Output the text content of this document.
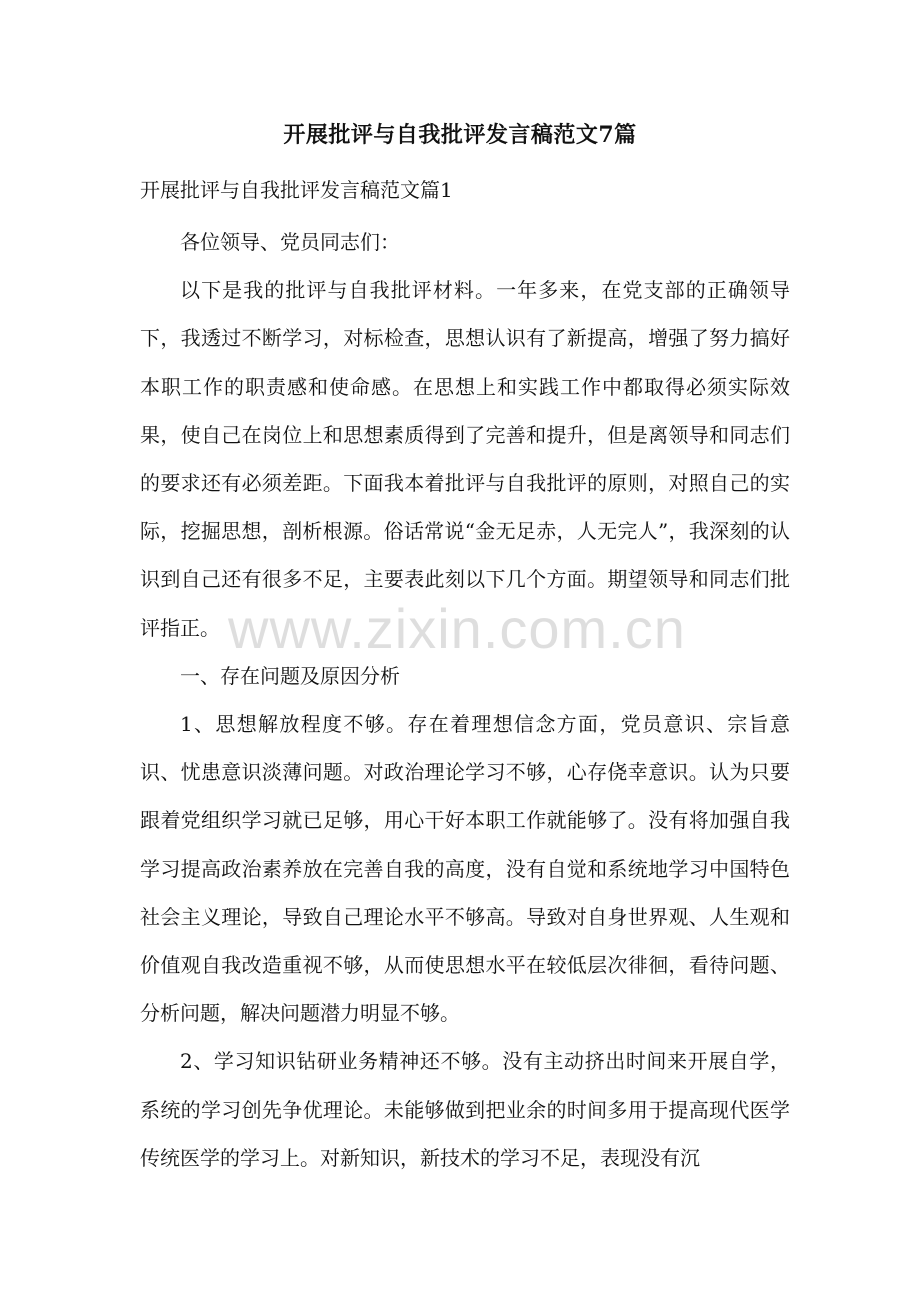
开展批评与自我批评发言稿范文7篇
开展批评与自我批评发言稿范文篇1

各位领导、党员同志们：

以下是我的批评与自我批评材料。一年多来，在党支部的正确领导下，我透过不断学习，对标检查，思想认识有了新提高，增强了努力搞好本职工作的职责感和使命感。在思想上和实践工作中都取得必须实际效果，使自己在岗位上和思想素质得到了完善和提升，但是离领导和同志们的要求还有必须差距。下面我本着批评与自我批评的原则，对照自己的实际，挖掘思想，剖析根源。俗话常说“金无足赤，人无完人”，我深刻的认识到自己还有很多不足，主要表此刻以下几个方面。期望领导和同志们批评指正。

一、存在问题及原因分析

1、思想解放程度不够。存在着理想信念方面，党员意识、宗旨意识、忧患意识淡薄问题。对政治理论学习不够，心存侥幸意识。认为只要跟着党组织学习就已足够，用心干好本职工作就能够了。没有将加强自我学习提高政治素养放在完善自我的高度，没有自觉和系统地学习中国特色社会主义理论，导致自己理论水平不够高。导致对自身世界观、人生观和价值观自我改造重视不够，从而使思想水平在较低层次徘徊，看待问题、分析问题，解决问题潜力明显不够。

2、学习知识钻研业务精神还不够。没有主动挤出时间来开展自学，系统的学习创先争优理论。未能够做到把业余的时间多用于提高现代医学传统医学的学习上。对新知识，新技术的学习不足，表现没有沉

www.zixin.com.cn
